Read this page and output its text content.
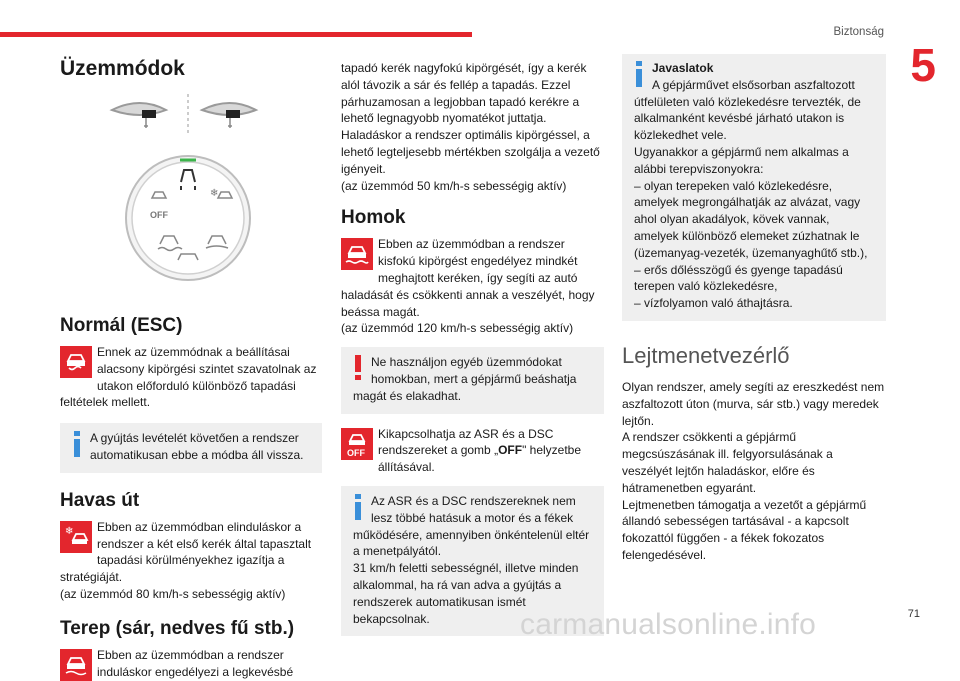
Biztonság
5
Üzemmódok
OFF
❄
Normál (ESC)

Ennek az üzemmódnak a beállításai alacsony kipörgési szintet szavatolnak az utakon előforduló különböző tapadási feltételek mellett.

A gyújtás levételét követően a rendszer automatikusan ebbe a módba áll vissza.

Havas út
❄	Ebben az üzemmódban elinduláskor a rendszer a két első kerék által tapasztalt tapadási körülményekhez igazítja a stratégiáját.
(az üzemmód 80 km/h-s sebességig aktív)

Terep (sár, nedves fű stb.)

Ebben az üzemmódban a rendszer induláskor engedélyezi a legkevésbé

tapadó kerék nagyfokú kipörgését, így a kerék alól távozik a sár és fellép a tapadás. Ezzel párhuzamosan a legjobban tapadó kerékre a lehető legnagyobb nyomatékot juttatja.
Haladáskor a rendszer optimális kipörgéssel, a lehető legteljesebb mértékben szolgálja a vezető igényeit.
(az üzemmód 50 km/h-s sebességig aktív)

Homok

Ebben az üzemmódban a rendszer kisfokú kipörgést engedélyez mindkét meghajtott keréken, így segíti az autó haladását és csökkenti annak a veszélyét, hogy beássa magát.
(az üzemmód 120 km/h-s sebességig aktív)

Ne használjon egyéb üzemmódokat homokban, mert a gépjármű beáshatja magát és elakadhat.

OFF

Kikapcsolhatja az ASR és a DSC rendszereket a gomb „OFF" helyzetbe állításával.

Az ASR és a DSC rendszereknek nem lesz többé hatásuk a motor és a fékek működésére, amennyiben önkéntelenül eltér a menetpályától.
31 km/h feletti sebességnél, illetve minden alkalommal, ha rá van adva a gyújtás a rendszerek automatikusan ismét bekapcsolnak.

Javaslatok

A gépjárművet elsősorban aszfaltozott útfelületen való közlekedésre tervezték, de alkalmanként kevésbé járható utakon is közlekedhet vele.
Ugyanakkor a gépjármű nem alkalmas a alábbi terepviszonyokra:
– olyan terepeken való közlekedésre, amelyek megrongálhatják az alvázat, vagy ahol olyan akadályok, kövek vannak, amelyek különböző elemeket zúzhatnak le (üzemanyag-vezeték, üzemanyaghűtő stb.),
– erős dőlésszögű és gyenge tapadású terepen való közlekedésre,
– vízfolyamon való áthajtásra.

Lejtmenetvezérlő

Olyan rendszer, amely segíti az ereszkedést nem aszfaltozott úton (murva, sár stb.) vagy meredek lejtőn.
A rendszer csökkenti a gépjármű megcsúszásának ill. felgyorsulásának a veszélyét lejtőn haladáskor, előre és hátramenetben egyaránt.
Lejtmenetben támogatja a vezetőt a gépjármű állandó sebességen tartásával - a kapcsolt fokozattól függően - a fékek fokozatos felengedésével.

carmanualsonline.info	71
